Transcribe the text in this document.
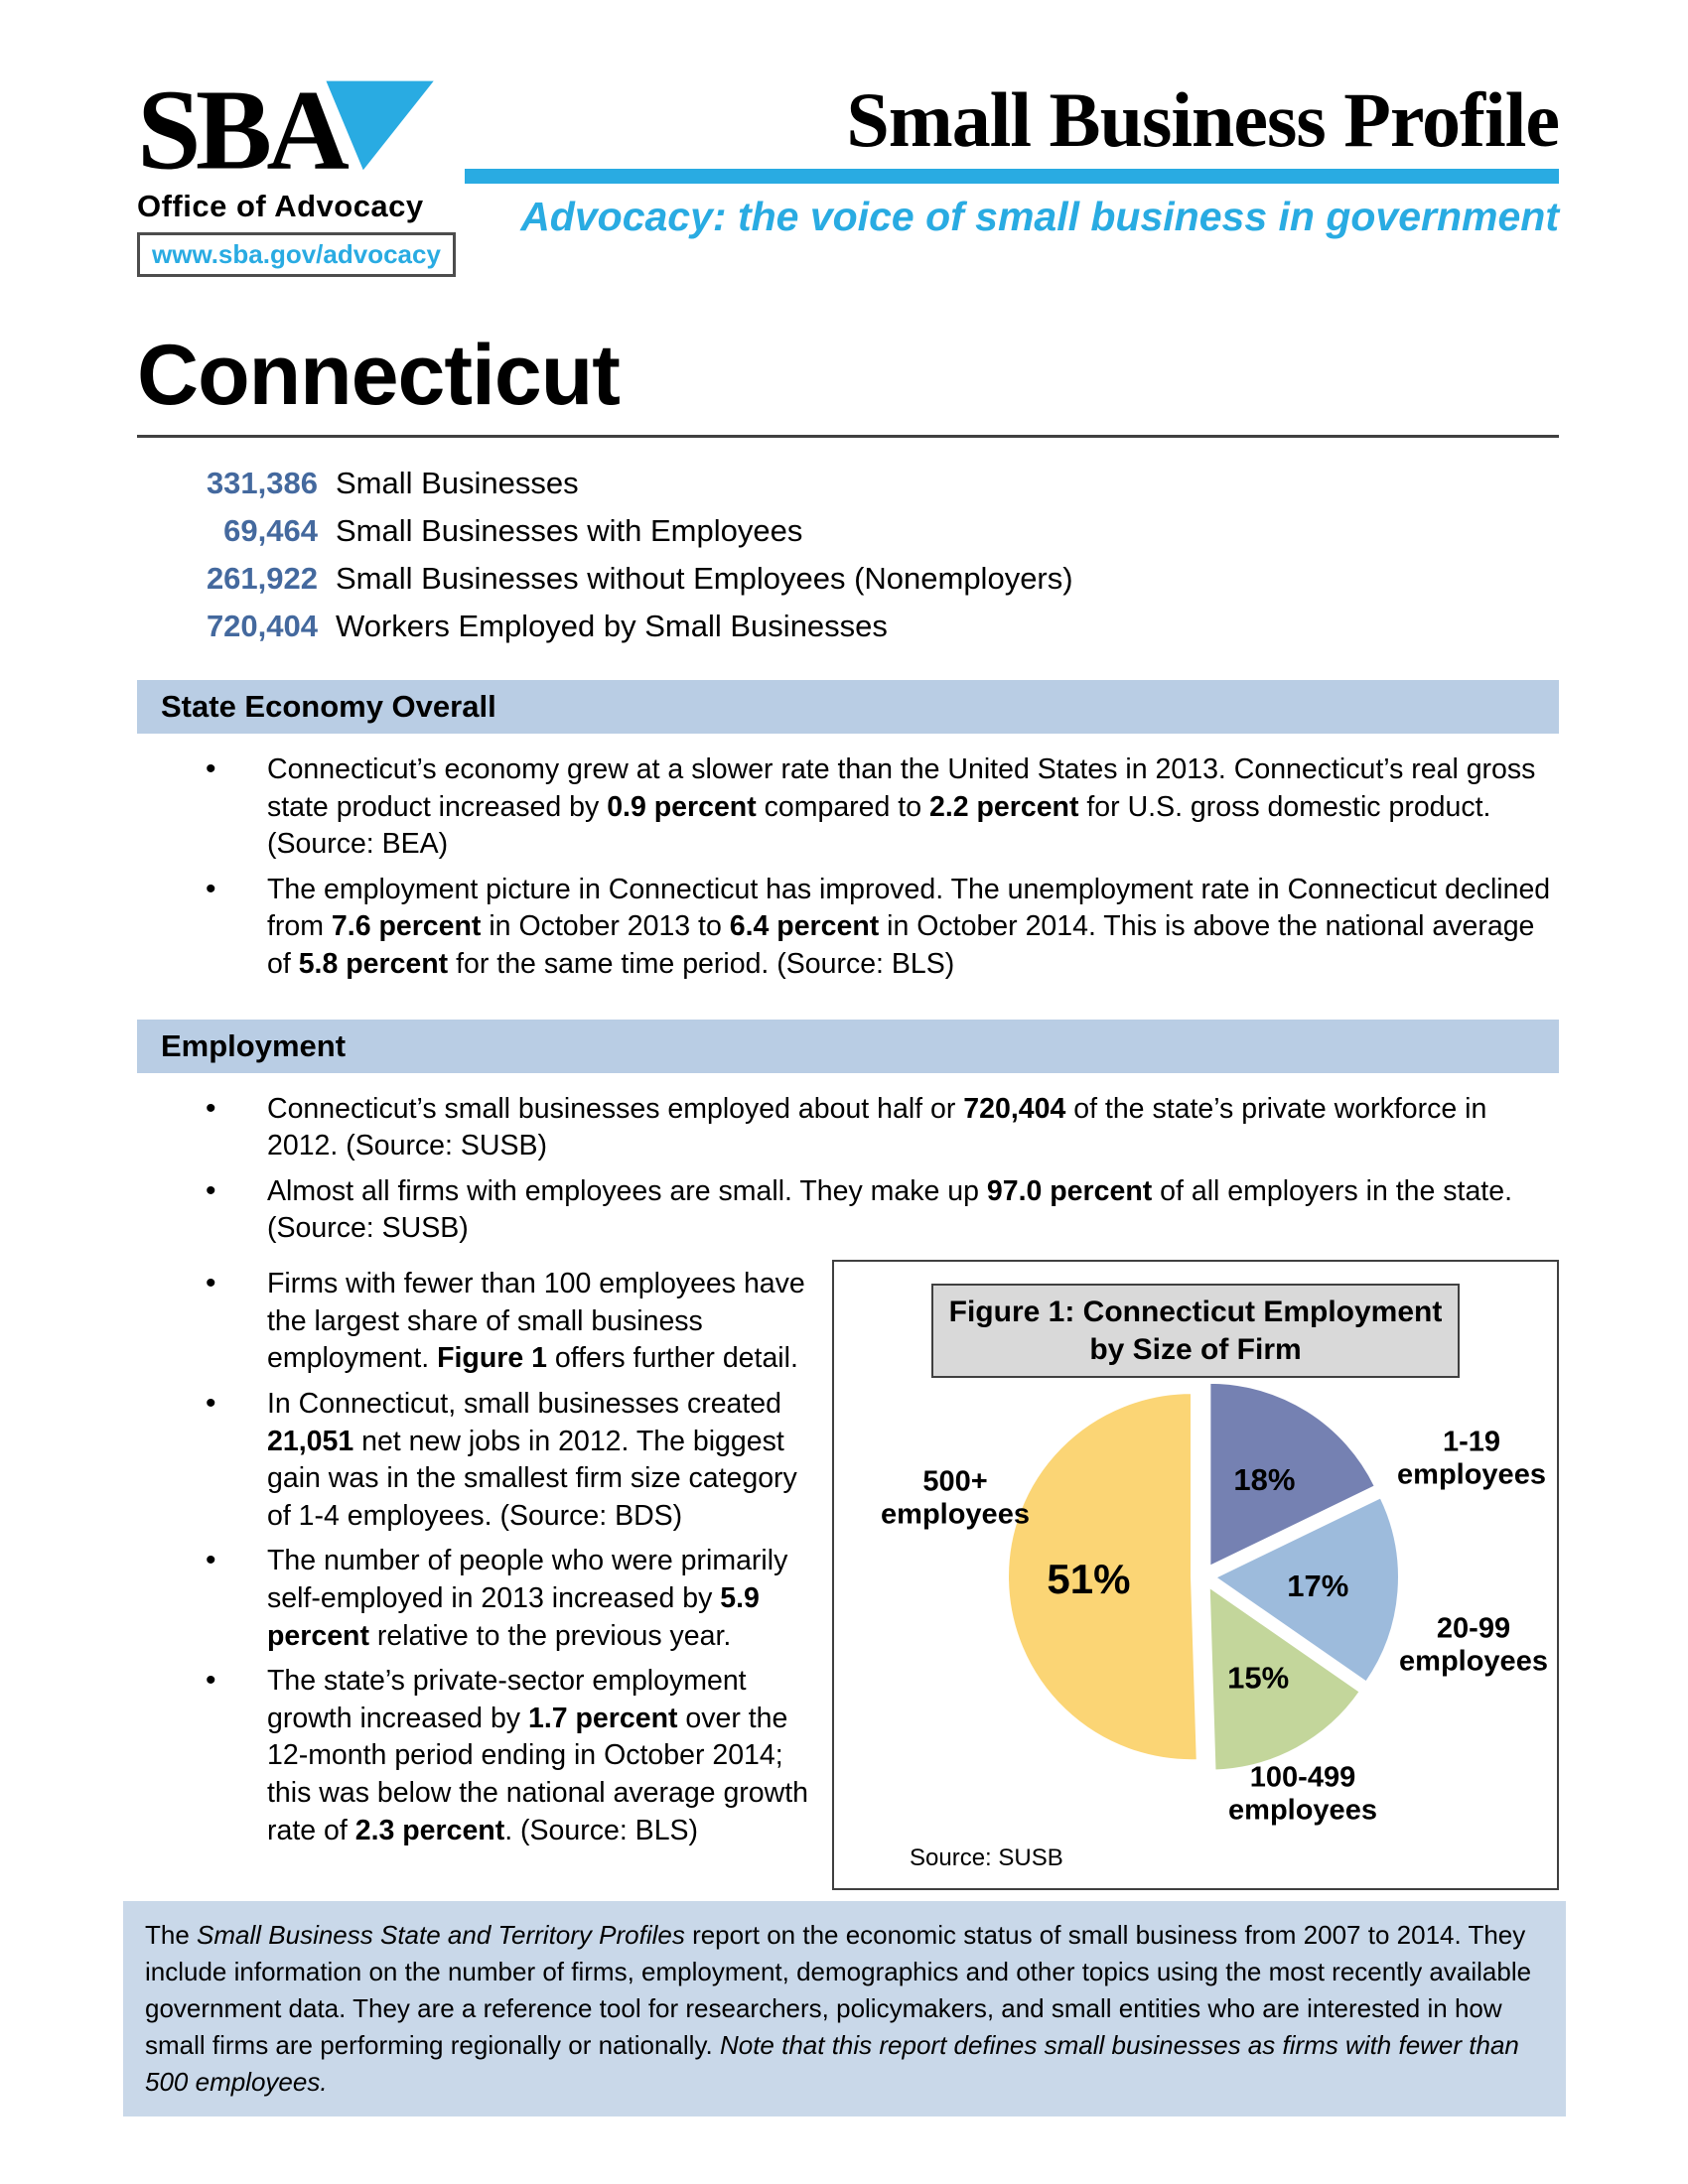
SBA
Office of Advocacy
www.sba.gov/advocacy
Small Business Profile
Advocacy: the voice of small business in government
Connecticut
331,386 Small Businesses
69,464 Small Businesses with Employees
261,922 Small Businesses without Employees (Nonemployers)
720,404 Workers Employed by Small Businesses
State Economy Overall
• Connecticut’s economy grew at a slower rate than the United States in 2013. Connecticut’s real gross state product increased by 0.9 percent compared to 2.2 percent for U.S. gross domestic product. (Source: BEA)
• The employment picture in Connecticut has improved. The unemployment rate in Connecticut declined from 7.6 percent in October 2013 to 6.4 percent in October 2014. This is above the national average of 5.8 percent for the same time period. (Source: BLS)
Employment
• Connecticut’s small businesses employed about half or 720,404 of the state’s private workforce in 2012. (Source: SUSB)
• Almost all firms with employees are small. They make up 97.0 percent of all employers in the state. (Source: SUSB)
• Firms with fewer than 100 employees have the largest share of small business employment. Figure 1 offers further detail.
• In Connecticut, small businesses created 21,051 net new jobs in 2012. The biggest gain was in the smallest firm size category of 1-4 employees. (Source: BDS)
• The number of people who were primarily self-employed in 2013 increased by 5.9 percent relative to the previous year.
• The state’s private-sector employment growth increased by 1.7 percent over the 12-month period ending in October 2014; this was below the national average growth rate of 2.3 percent. (Source: BLS)
Figure 1: Connecticut Employment by Size of Firm
18%
17%
15%
51%
1-19 employees
20-99 employees
100-499 employees
500+ employees
Source: SUSB
The Small Business State and Territory Profiles report on the economic status of small business from 2007 to 2014. They include information on the number of firms, employment, demographics and other topics using the most recently available government data. They are a reference tool for researchers, policymakers, and small entities who are interested in how small firms are performing regionally or nationally. Note that this report defines small businesses as firms with fewer than 500 employees.
